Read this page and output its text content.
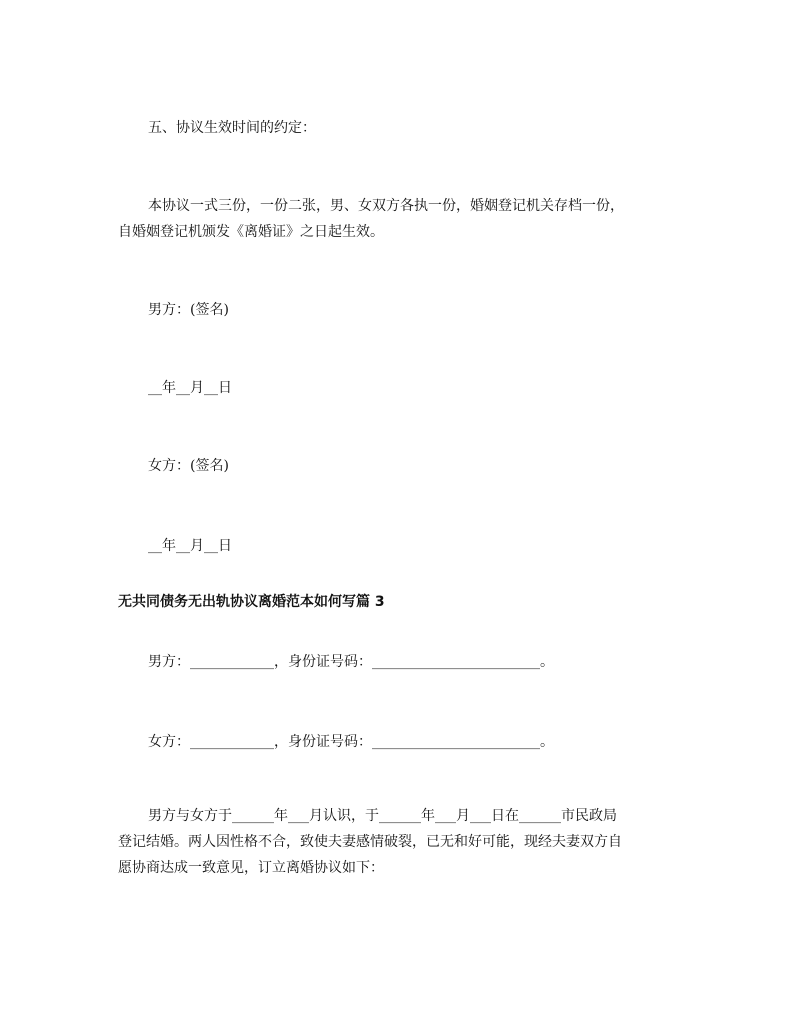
五、协议生效时间的约定：
本协议一式三份，一份二张，男、女双方各执一份，婚姻登记机关存档一份，
自婚姻登记机颁发《离婚证》之日起生效。
男方：(签名)
__年__月__日
女方：(签名)
__年__月__日
无共同债务无出轨协议离婚范本如何写篇 3
男方：____________，身份证号码：________________________。
女方：____________，身份证号码：________________________。
男方与女方于______年___月认识，于______年___月___日在______市民政局
登记结婚。两人因性格不合，致使夫妻感情破裂，已无和好可能，现经夫妻双方自
愿协商达成一致意见，订立离婚协议如下：
